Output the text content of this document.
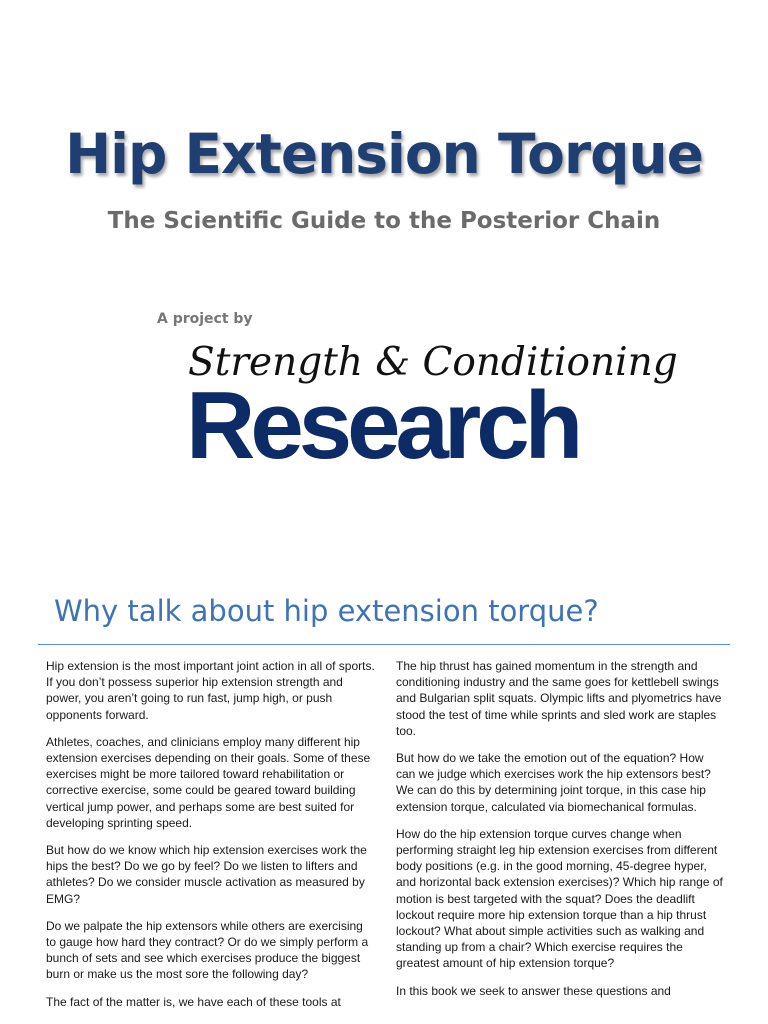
Hip Extension Torque
The Scientific Guide to the Posterior Chain
A project by
Strength & Conditioning
Research
Why talk about hip extension torque?

Hip extension is the most important joint action in all of sports. If you don’t possess superior hip extension strength and power, you aren’t going to run fast, jump high, or push opponents forward.

Athletes, coaches, and clinicians employ many different hip extension exercises depending on their goals. Some of these exercises might be more tailored toward rehabilitation or corrective exercise, some could be geared toward building vertical jump power, and perhaps some are best suited for developing sprinting speed.

But how do we know which hip extension exercises work the hips the best? Do we go by feel? Do we listen to lifters and athletes? Do we consider muscle activation as measured by EMG?

Do we palpate the hip extensors while others are exercising to gauge how hard they contract? Or do we simply perform a bunch of sets and see which exercises produce the biggest burn or make us the most sore the following day?

The fact of the matter is, we have each of these tools at

The hip thrust has gained momentum in the strength and conditioning industry and the same goes for kettlebell swings and Bulgarian split squats. Olympic lifts and plyometrics have stood the test of time while sprints and sled work are staples too.

But how do we take the emotion out of the equation? How can we judge which exercises work the hip extensors best? We can do this by determining joint torque, in this case hip extension torque, calculated via biomechanical formulas.

How do the hip extension torque curves change when performing straight leg hip extension exercises from different body positions (e.g. in the good morning, 45-degree hyper, and horizontal back extension exercises)? Which hip range of motion is best targeted with the squat? Does the deadlift lockout require more hip extension torque than a hip thrust lockout? What about simple activities such as walking and standing up from a chair? Which exercise requires the greatest amount of hip extension torque?

In this book we seek to answer these questions and
